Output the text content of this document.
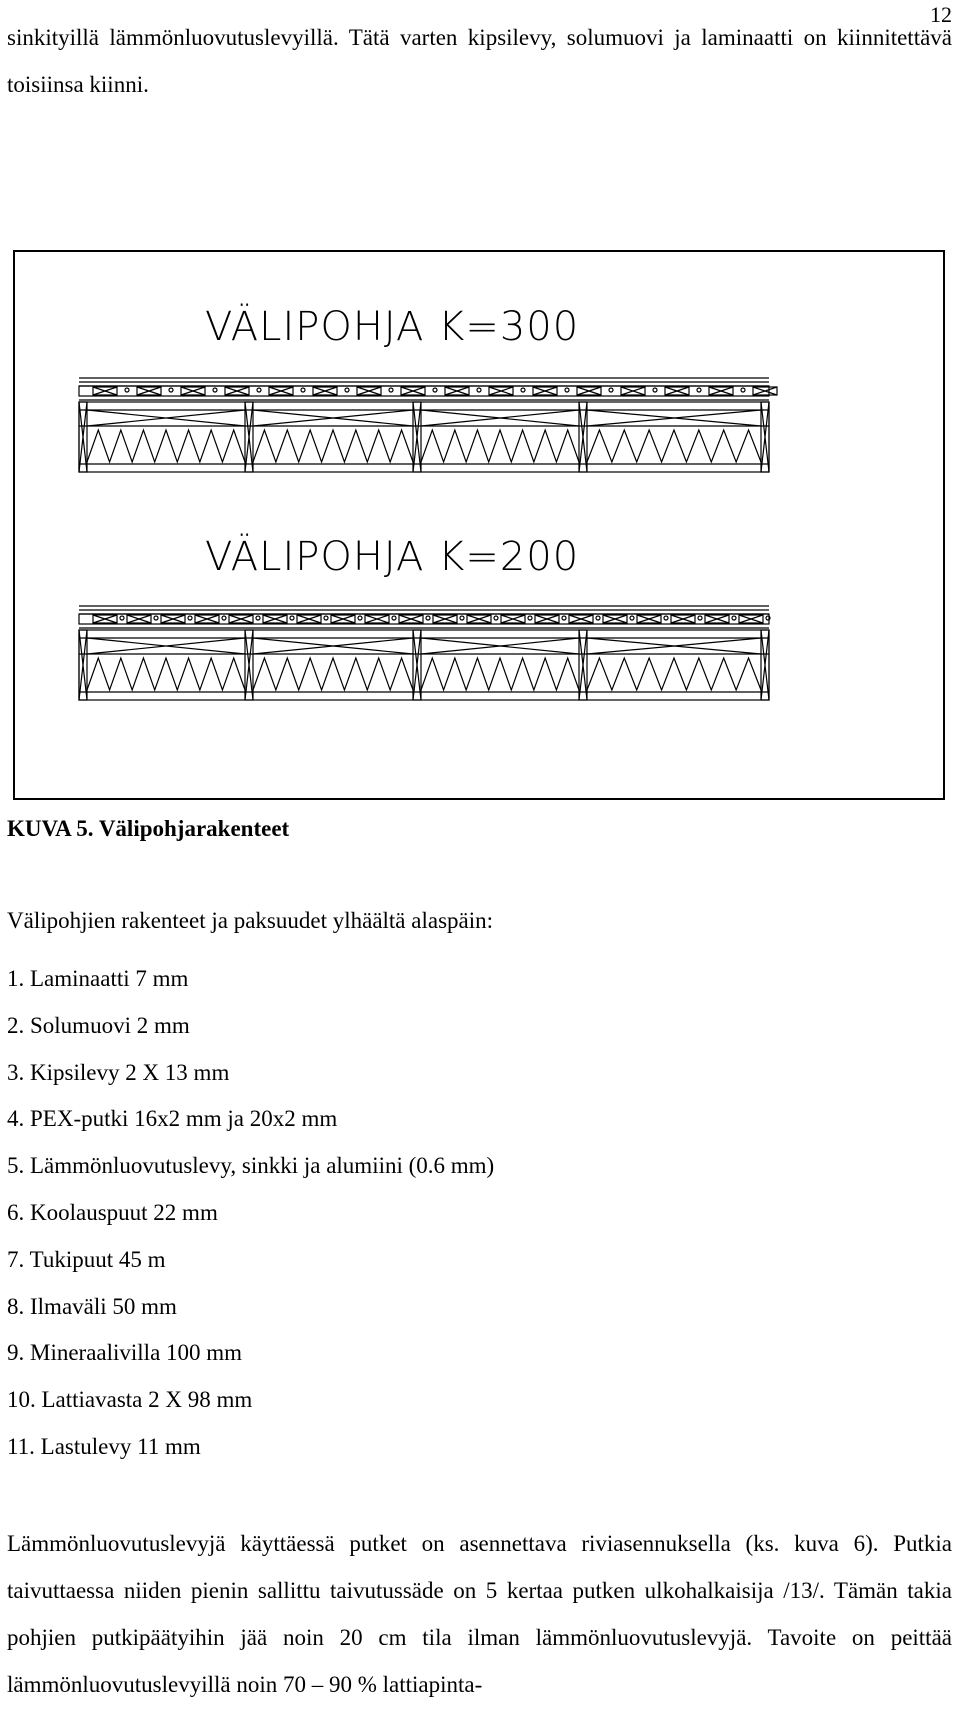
12
sinkityillä lämmönluovutuslevyillä. Tätä varten kipsilevy, solumuovi ja laminaatti on kiinnitettävä toisiinsa kiinni.
VÄLIPOHJA K=300
VÄLIPOHJA K=200
KUVA 5. Välipohjarakenteet
Välipohjien rakenteet ja paksuudet ylhäältä alaspäin:
1. Laminaatti 7 mm
2. Solumuovi 2 mm
3. Kipsilevy 2 X 13 mm
4. PEX-putki 16x2 mm ja 20x2 mm
5. Lämmönluovutuslevy, sinkki ja alumiini (0.6 mm)
6. Koolauspuut 22 mm
7. Tukipuut 45 m
8. Ilmaväli 50 mm
9. Mineraalivilla 100 mm
10. Lattiavasta 2 X 98 mm
11. Lastulevy 11 mm
Lämmönluovutuslevyjä käyttäessä putket on asennettava riviasennuksella (ks. kuva 6). Putkia taivuttaessa niiden pienin sallittu taivutussäde on 5 kertaa putken ulkohalkaisija /13/. Tämän takia pohjien putkipäätyihin jää noin 20 cm tila ilman lämmönluovutuslevyjä. Tavoite on peittää lämmönluovutuslevyillä noin 70 – 90 % lattiapinta-
